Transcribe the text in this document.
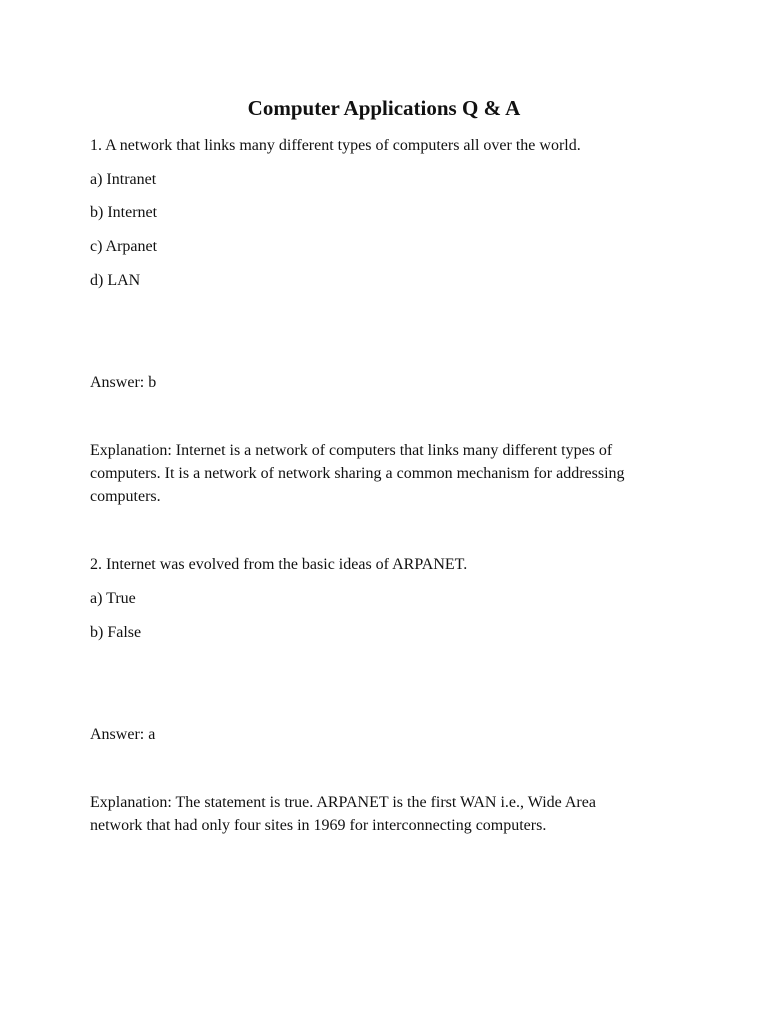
Computer Applications Q & A

1. A network that links many different types of computers all over the world.

a) Intranet

b) Internet

c) Arpanet

d) LAN

Answer: b

Explanation: Internet is a network of computers that links many different types of
computers. It is a network of network sharing a common mechanism for addressing
computers.

2. Internet was evolved from the basic ideas of ARPANET.

a) True

b) False

Answer: a

Explanation: The statement is true. ARPANET is the first WAN i.e., Wide Area
network that had only four sites in 1969 for interconnecting computers.
